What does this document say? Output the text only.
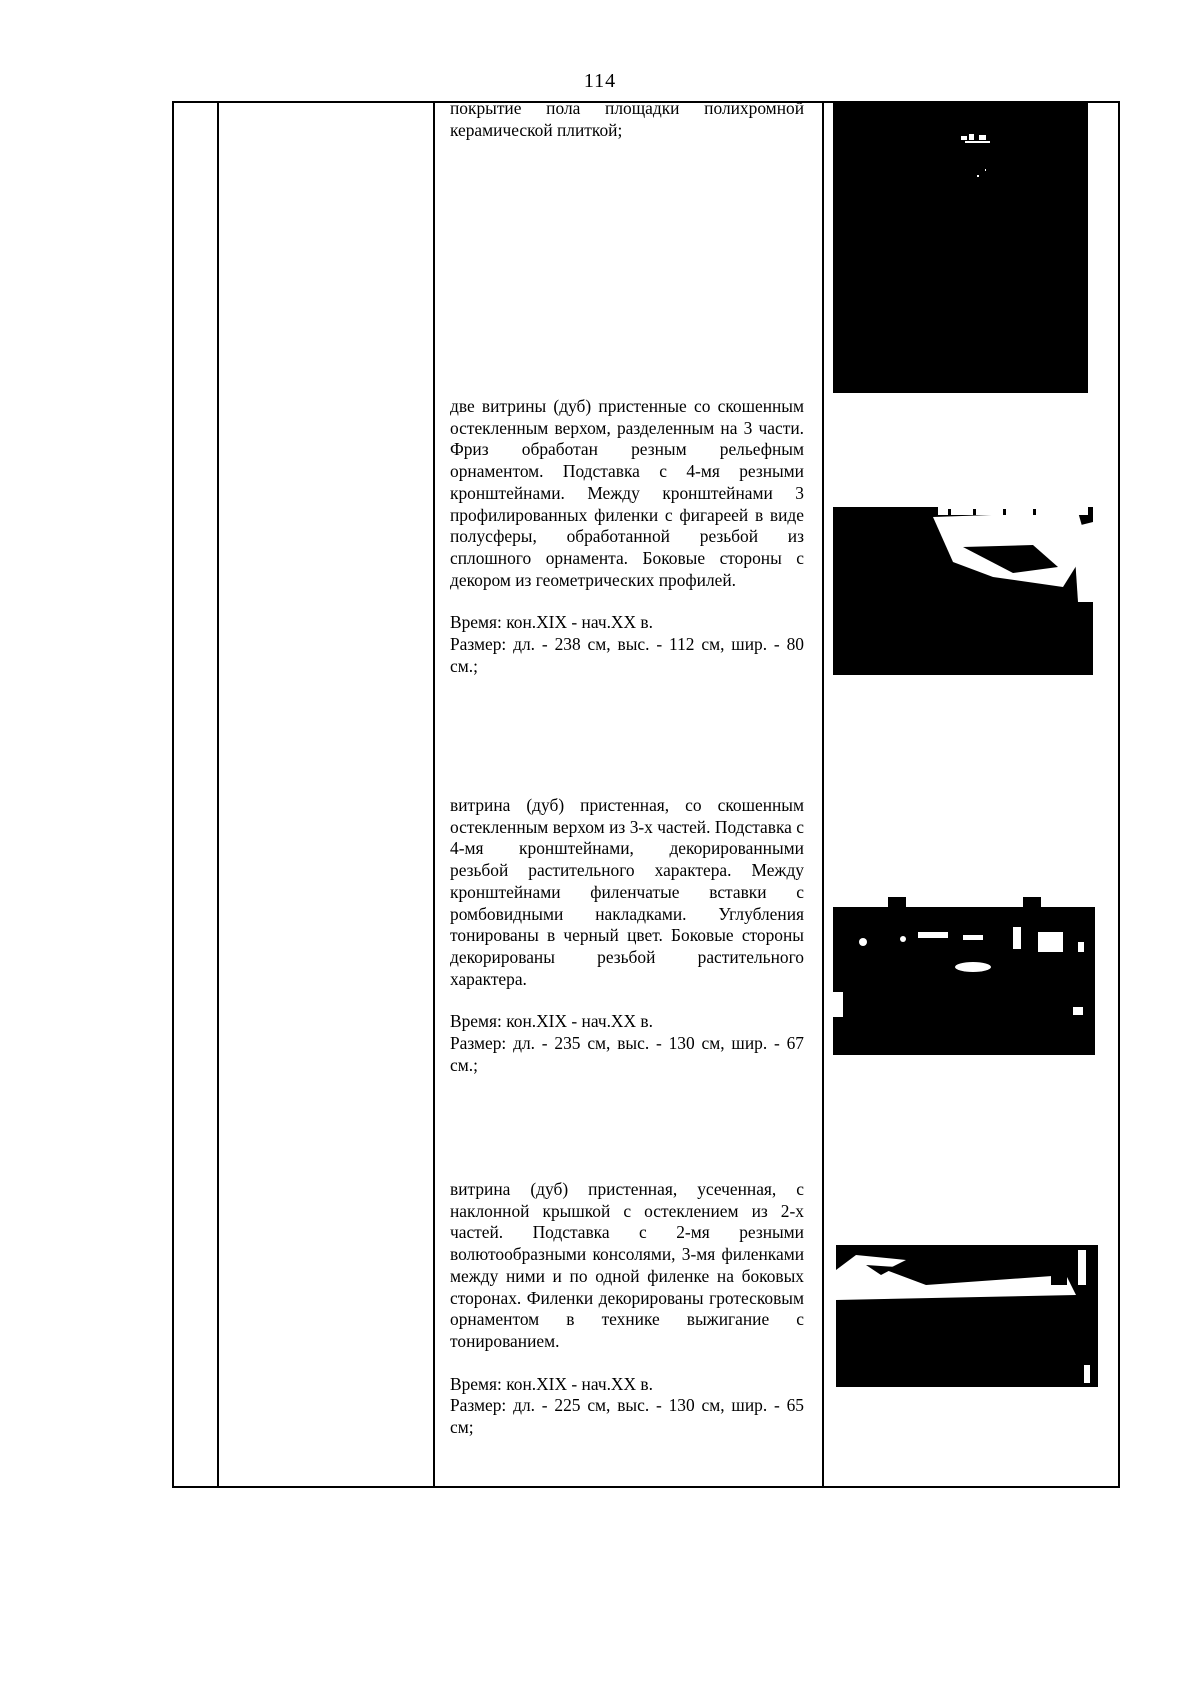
114

покрытие пола площадки полихромной керамической плиткой;

две витрины (дуб) пристенные со скошенным остекленным верхом, разделенным на 3 части. Фриз обработан резным рельефным орнаментом. Подставка с 4-мя резными кронштейнами. Между кронштейнами 3 профилированных филенки с фигареей в виде полусферы, обработанной резьбой из сплошного орнамента. Боковые стороны с декором из геометрических профилей.

Время: кон.XIX - нач.XX в.

Размер: дл. - 238 см, выс. - 112 см, шир. - 80 см.;

витрина (дуб) пристенная, со скошенным остекленным верхом из 3-х частей. Подставка с 4-мя кронштейнами, декорированными резьбой растительного характера. Между кронштейнами филенчатые вставки с ромбовидными накладками. Углубления тонированы в черный цвет. Боковые стороны декорированы резьбой растительного характера.

Время: кон.XIX - нач.XX в.

Размер: дл. - 235 см, выс. - 130 см, шир. - 67 см.;

витрина (дуб) пристенная, усеченная, с наклонной крышкой с остеклением из 2-х частей. Подставка с 2-мя резными волютообразными консолями, 3-мя филенками между ними и по одной филенке на боковых сторонах. Филенки декорированы гротесковым орнаментом в технике выжигание с тонированием.

Время: кон.XIX - нач.XX в.

Размер: дл. - 225 см, выс. - 130 см, шир. - 65 см;
